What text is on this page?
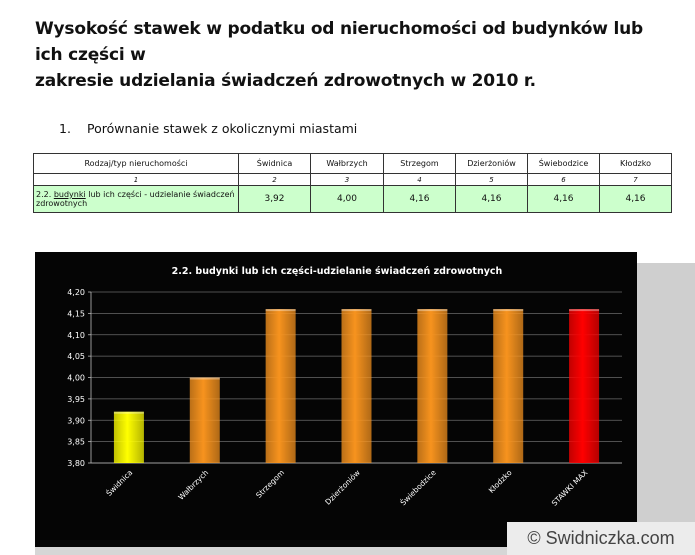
Wysokość stawek w podatku od nieruchomości od budynków lub ich części w
zakresie udzielania świadczeń zdrowotnych w 2010 r.
1. Porównanie stawek z okolicznymi miastami
Rodzaj/typ nieruchomości	Świdnica	Wałbrzych	Strzegom	Dzierżoniów	Świebodzice	Kłodzko
1	2	3	4	5	6	7
2.2. budynki lub ich części - udzielanie świadczeń zdrowotnych	3,92	4,00	4,16	4,16	4,16	4,16
2.2. budynki lub ich części-udzielanie świadczeń zdrowotnych
3,80
3,85
3,90
3,95
4,00
4,05
4,10
4,15
4,20
Świdnica	Wałbrzych	Strzegom	Dzierżoniów	Świebodzice	Kłodzko	STAWKI MAX
© Swidniczka.com
